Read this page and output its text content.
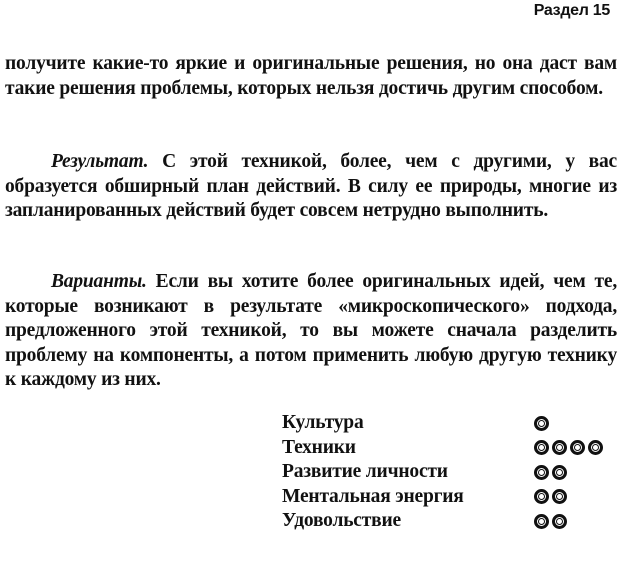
Раздел 15
получите какие-то яркие и оригинальные решения, но она даст вам такие решения проблемы, которых нельзя достичь другим способом.
Результат. С этой техникой, более, чем с другими, у вас образуется обширный план действий. В силу ее природы, многие из запланированных действий будет совсем нетрудно выполнить.
Варианты. Если вы хотите более оригинальных идей, чем те, которые возникают в результате «микроскопического» подхода, предложенного этой техникой, то вы можете сначала разделить проблему на компоненты, а потом применить любую другую технику к каждому из них.
Культура
Техники
Развитие личности
Ментальная энергия
Удовольствие
